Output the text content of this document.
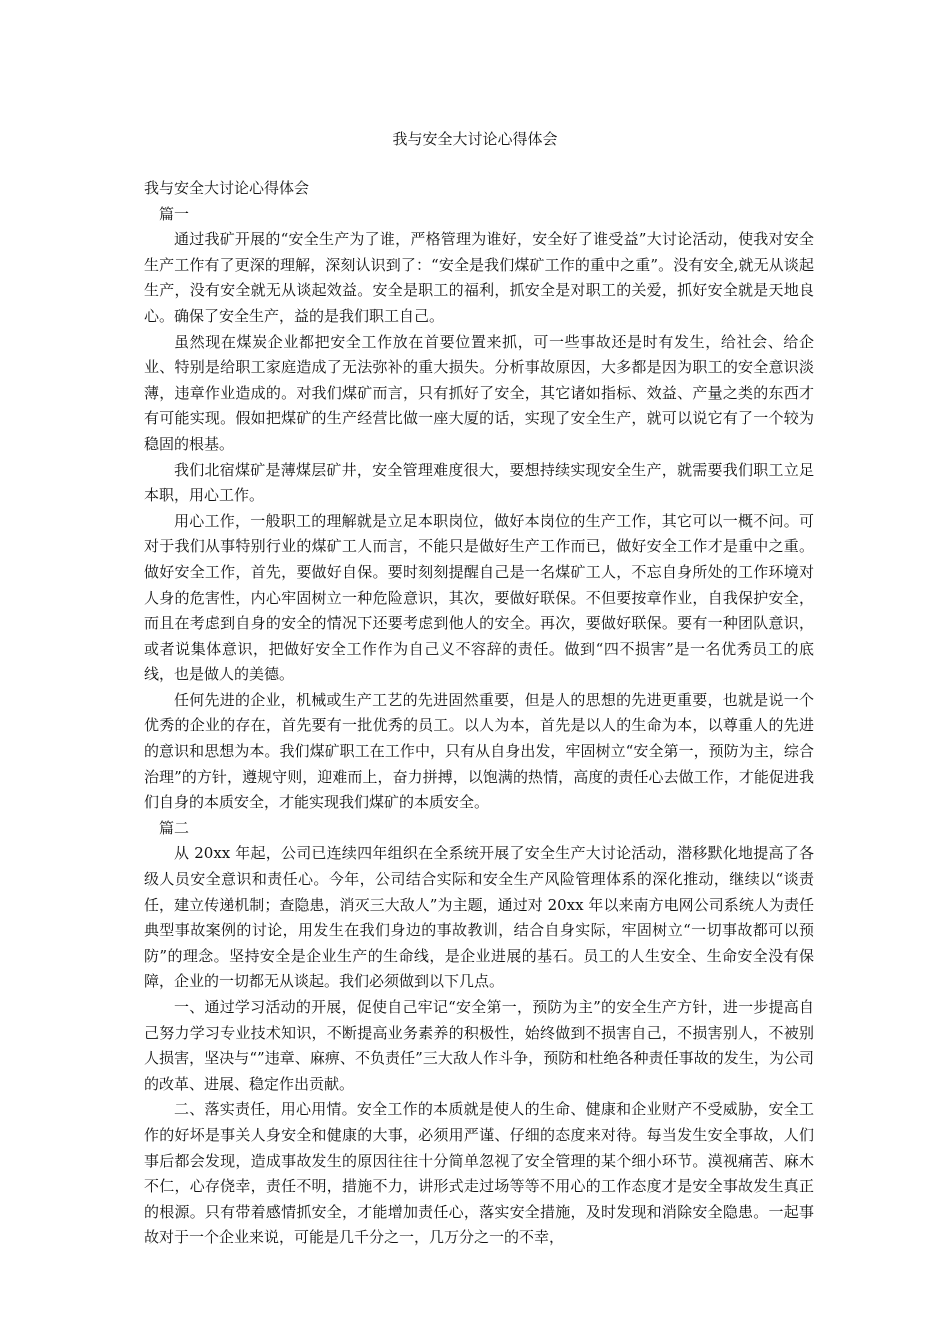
我与安全大讨论心得体会

我与安全大讨论心得体会

篇一

通过我矿开展的“安全生产为了谁，严格管理为谁好，安全好了谁受益”大讨论活动，使我对安全生产工作有了更深的理解，深刻认识到了：“安全是我们煤矿工作的重中之重”。没有安全,就无从谈起生产，没有安全就无从谈起效益。安全是职工的福利，抓安全是对职工的关爱，抓好安全就是天地良心。确保了安全生产，益的是我们职工自己。

虽然现在煤炭企业都把安全工作放在首要位置来抓，可一些事故还是时有发生，给社会、给企业、特别是给职工家庭造成了无法弥补的重大损失。分析事故原因，大多都是因为职工的安全意识淡薄，违章作业造成的。对我们煤矿而言，只有抓好了安全，其它诸如指标、效益、产量之类的东西才有可能实现。假如把煤矿的生产经营比做一座大厦的话，实现了安全生产，就可以说它有了一个较为稳固的根基。

我们北宿煤矿是薄煤层矿井，安全管理难度很大，要想持续实现安全生产，就需要我们职工立足本职，用心工作。

用心工作，一般职工的理解就是立足本职岗位，做好本岗位的生产工作，其它可以一概不问。可对于我们从事特别行业的煤矿工人而言，不能只是做好生产工作而已，做好安全工作才是重中之重。做好安全工作，首先，要做好自保。要时刻刻提醒自己是一名煤矿工人，不忘自身所处的工作环境对人身的危害性，内心牢固树立一种危险意识，其次，要做好联保。不但要按章作业，自我保护安全，而且在考虑到自身的安全的情况下还要考虑到他人的安全。再次，要做好联保。要有一种团队意识，或者说集体意识，把做好安全工作作为自己义不容辞的责任。做到“四不损害”是一名优秀员工的底线，也是做人的美德。

任何先进的企业，机械或生产工艺的先进固然重要，但是人的思想的先进更重要，也就是说一个优秀的企业的存在，首先要有一批优秀的员工。以人为本，首先是以人的生命为本，以尊重人的先进的意识和思想为本。我们煤矿职工在工作中，只有从自身出发，牢固树立“安全第一，预防为主，综合治理”的方针，遵规守则，迎难而上，奋力拼搏，以饱满的热情，高度的责任心去做工作，才能促进我们自身的本质安全，才能实现我们煤矿的本质安全。

篇二

从 20xx 年起，公司已连续四年组织在全系统开展了安全生产大讨论活动，潜移默化地提高了各级人员安全意识和责任心。今年，公司结合实际和安全生产风险管理体系的深化推动，继续以“谈责任，建立传递机制；查隐患，消灭三大敌人”为主题，通过对 20xx 年以来南方电网公司系统人为责任典型事故案例的讨论，用发生在我们身边的事故教训，结合自身实际，牢固树立“一切事故都可以预防”的理念。坚持安全是企业生产的生命线，是企业进展的基石。员工的人生安全、生命安全没有保障，企业的一切都无从谈起。我们必须做到以下几点。

一、通过学习活动的开展，促使自己牢记“安全第一，预防为主”的安全生产方针，进一步提高自己努力学习专业技术知识，不断提高业务素养的积极性，始终做到不损害自己，不损害别人，不被别人损害，坚决与“”违章、麻痹、不负责任”三大敌人作斗争，预防和杜绝各种责任事故的发生，为公司的改革、进展、稳定作出贡献。

二、落实责任，用心用情。安全工作的本质就是使人的生命、健康和企业财产不受威胁，安全工作的好坏是事关人身安全和健康的大事，必须用严谨、仔细的态度来对待。每当发生安全事故，人们事后都会发现，造成事故发生的原因往往十分简单忽视了安全管理的某个细小环节。漠视痛苦、麻木不仁，心存侥幸，责任不明，措施不力，讲形式走过场等等不用心的工作态度才是安全事故发生真正的根源。只有带着感情抓安全，才能增加责任心，落实安全措施，及时发现和消除安全隐患。一起事故对于一个企业来说，可能是几千分之一，几万分之一的不幸，
